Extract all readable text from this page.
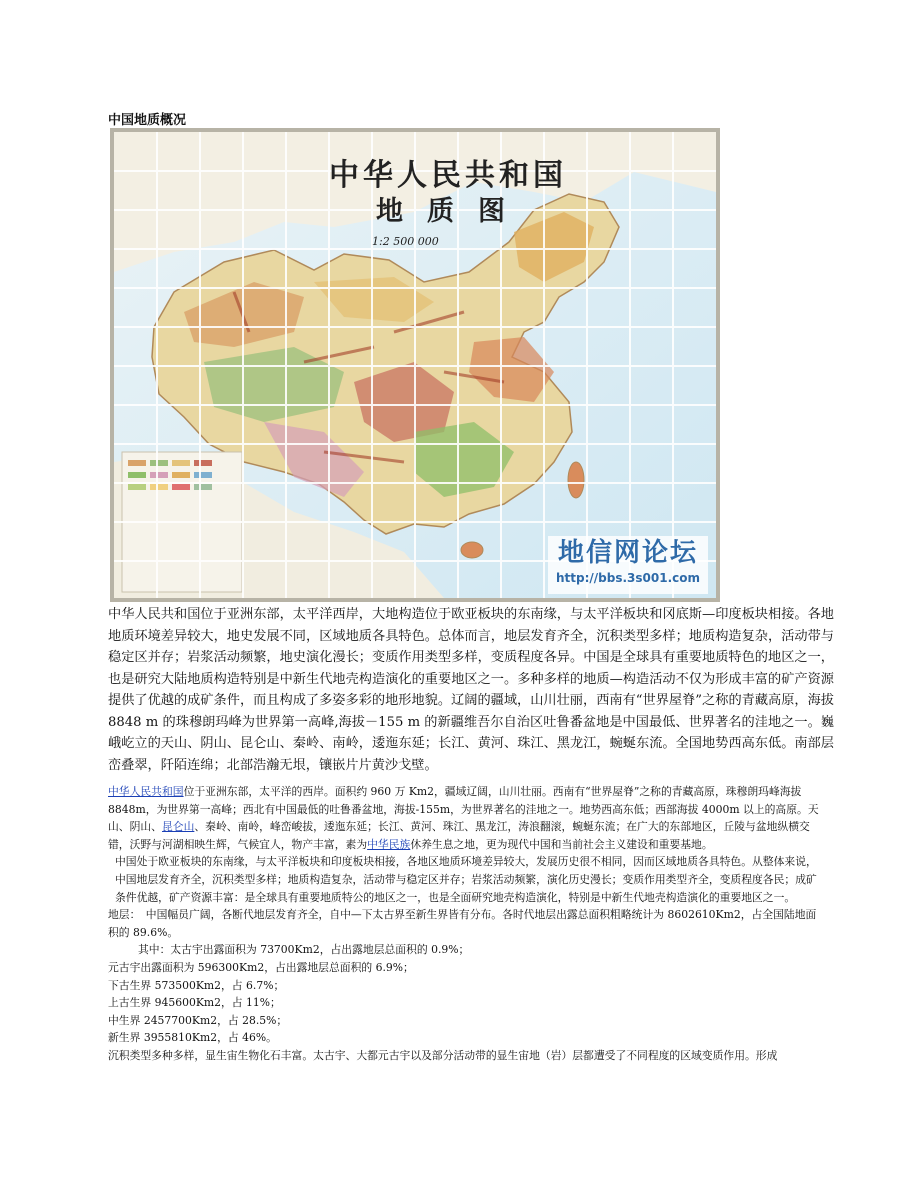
中国地质概况
中华人民共和国
地质图
1:2 500 000
地信网论坛
http://bbs.3s001.com
中华人民共和国位于亚洲东部，太平洋西岸，大地构造位于欧亚板块的东南缘，与太平洋板块和冈底斯—印度板块相接。各地地质环境差异较大，地史发展不同，区域地质各具特色。总体而言，地层发育齐全，沉积类型多样；地质构造复杂，活动带与稳定区并存；岩浆活动频繁，地史演化漫长；变质作用类型多样，变质程度各异。中国是全球具有重要地质特色的地区之一，也是研究大陆地质构造特别是中新生代地壳构造演化的重要地区之一。多种多样的地质—构造活动不仅为形成丰富的矿产资源提供了优越的成矿条件，而且构成了多姿多彩的地形地貌。辽阔的疆域，山川壮丽，西南有“世界屋脊”之称的青藏高原，海拔 8848 m 的珠穆朗玛峰为世界第一高峰,海拔－155 m 的新疆维吾尔自治区吐鲁番盆地是中国最低、世界著名的洼地之一。巍峨屹立的天山、阴山、昆仑山、秦岭、南岭，逶迤东延；长江、黄河、珠江、黑龙江，蜿蜒东流。全国地势西高东低。南部层峦叠翠，阡陌连绵；北部浩瀚无垠，镶嵌片片黄沙戈壁。

中华人民共和国位于亚洲东部，太平洋的西岸。面积约 960 万 Km2，疆域辽阔，山川壮丽。西南有“世界屋脊”之称的青藏高原，珠穆朗玛峰海拔 8848m，为世界第一高峰；西北有中国最低的吐鲁番盆地，海拔-155m，为世界著名的洼地之一。地势西高东低；西部海拔 4000m 以上的高原。天山、阴山、昆仑山、秦岭、南岭，峰峦峻拔，逶迤东延；长江、黄河、珠江、黑龙江，涛浪翻滚，蜿蜒东流；在广大的东部地区，丘陵与盆地纵横交错，沃野与河湖相映生辉，气候宜人，物产丰富，素为中华民族休养生息之地，更为现代中国和当前社会主义建设和重要基地。

中国处于欧亚板块的东南缘，与太平洋板块和印度板块相接，各地区地质环境差异较大，发展历史很不相同，因而区域地质各具特色。从整体来说，中国地层发育齐全，沉积类型多样；地质构造复杂，活动带与稳定区并存；岩浆活动频繁，演化历史漫长；变质作用类型齐全，变质程度各民；成矿条件优越，矿产资源丰富：是全球具有重要地质特公的地区之一，也是全面研究地壳构造演化，特别是中新生代地壳构造演化的重要地区之一。

地层：　中国幅员广阔，各断代地层发育齐全，自中—下太古界至新生界皆有分布。各时代地层出露总面积粗略统计为 8602610Km2，占全国陆地面积的 89.6%。

其中：太古宇出露面积为 73700Km2，占出露地层总面积的 0.9%；

元古宇出露面积为 596300Km2，占出露地层总面积的 6.9%；

下古生界 573500Km2，占 6.7%；

上古生界 945600Km2，占 11%；

中生界 2457700Km2，占 28.5%；

新生界 3955810Km2，占 46%。

沉积类型多种多样，显生宙生物化石丰富。太古宇、大都元古宇以及部分活动带的显生宙地（岩）层都遭受了不同程度的区域变质作用。形成
